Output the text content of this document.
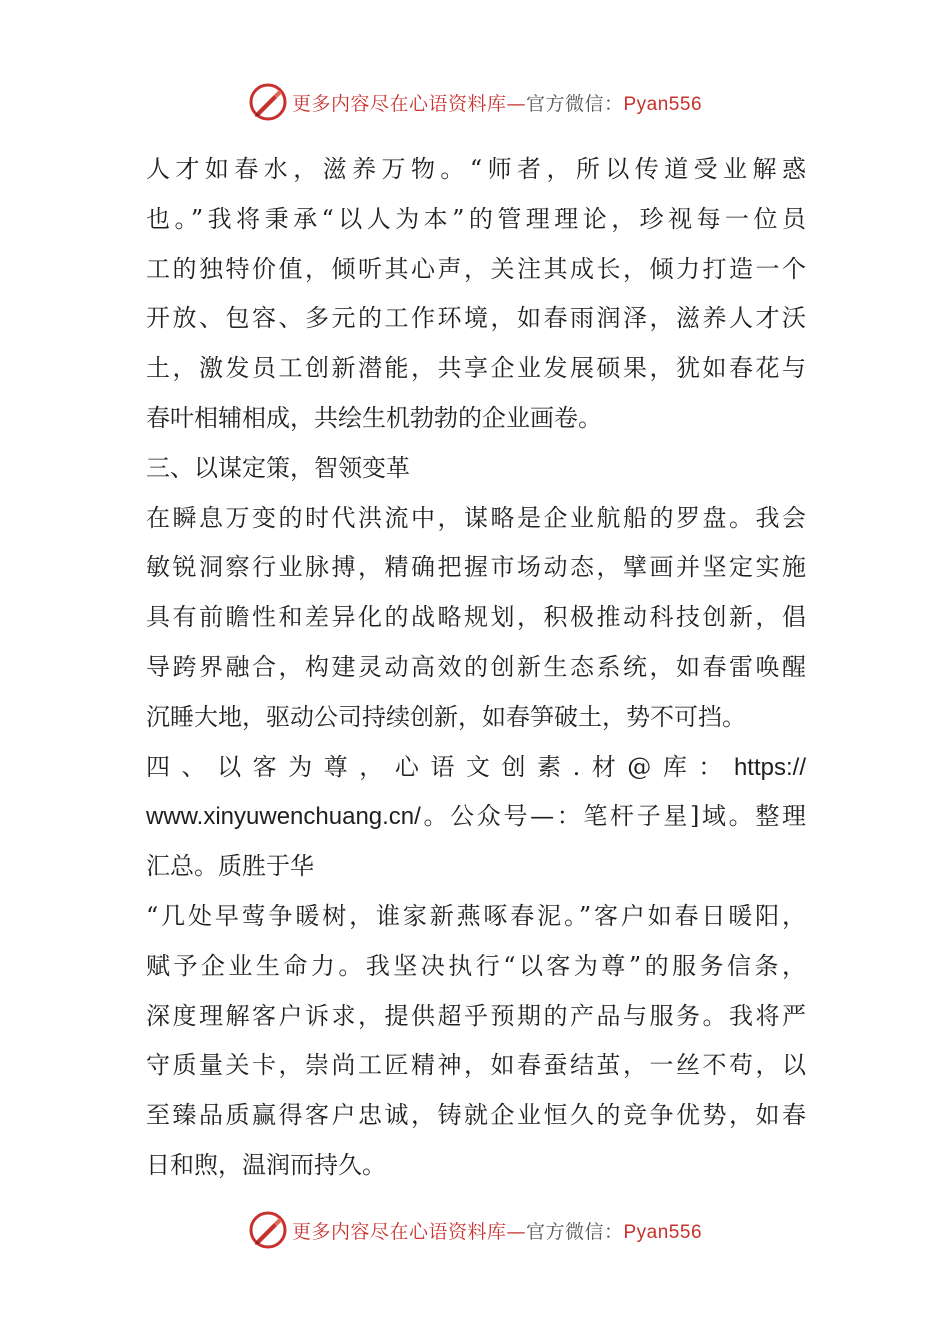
更多内容尽在心语资料库—官方微信：Pyan556
人才如春水，滋养万物。“师者，所以传道受业解惑
也。”我将秉承“以人为本”的管理理论，珍视每一位员
工的独特价值，倾听其心声，关注其成长，倾力打造一个
开放、包容、多元的工作环境，如春雨润泽，滋养人才沃
土，激发员工创新潜能，共享企业发展硕果，犹如春花与
春叶相辅相成，共绘生机勃勃的企业画卷。
三、以谋定策，智领变革
在瞬息万变的时代洪流中，谋略是企业航船的罗盘。我会
敏锐洞察行业脉搏，精确把握市场动态，擘画并坚定实施
具有前瞻性和差异化的战略规划，积极推动科技创新，倡
导跨界融合，构建灵动高效的创新生态系统，如春雷唤醒
沉睡大地，驱动公司持续创新，如春笋破土，势不可挡。
四、以客为尊，心语文创素.材@库：https://
www.xinyuwenchuang.cn/。公众号—：笔杆子星]域。整理
汇总。质胜于华
“几处早莺争暖树，谁家新燕啄春泥。”客户如春日暖阳，
赋予企业生命力。我坚决执行“以客为尊”的服务信条，
深度理解客户诉求，提供超乎预期的产品与服务。我将严
守质量关卡，崇尚工匠精神，如春蚕结茧，一丝不苟，以
至臻品质赢得客户忠诚，铸就企业恒久的竞争优势，如春
日和煦，温润而持久。
更多内容尽在心语资料库—官方微信：Pyan556
